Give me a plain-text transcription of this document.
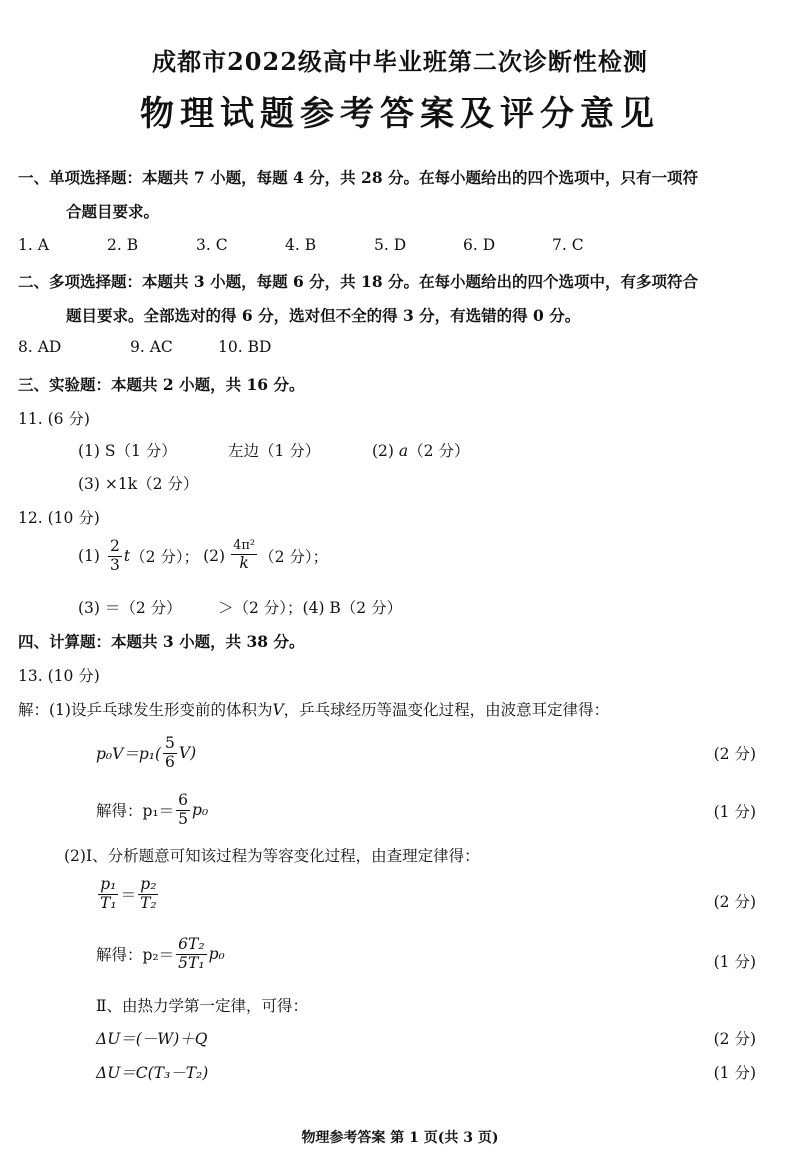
成都市2022级高中毕业班第二次诊断性检测
物理试题参考答案及评分意见
一、单项选择题：本题共 7 小题，每题 4 分，共 28 分。在每小题给出的四个选项中，只有一项符
合题目要求。
1. A	2. B	3. C	4. B	5. D	6. D	7. C
二、多项选择题：本题共 3 小题，每题 6 分，共 18 分。在每小题给出的四个选项中，有多项符合
题目要求。全部选对的得 6 分，选对但不全的得 3 分，有选错的得 0 分。
8. AD	9. AC	10. BD
三、实验题：本题共 2 小题，共 16 分。
11. (6 分)
(1) S（1 分）	左边（1 分）	(2) a（2 分）
(3) ×1k（2 分）
12. (10 分)
$(1) \frac{2}{3}$ t （2 分）； $(2) \frac{\text{4π²}}{k} (2$ 分）；
(3) ＝（2 分） ＞（2 分）；(4) B（2 分）
四、计算题：本题共 3 小题，共 38 分。
13. (10 分)
解：(1)设乒乓球发生形变前的体积为V，乒乓球经历等温变化过程，由波意耳定律得：
$p_0V=p_1( \frac{5}{6} V)$	(2 分)
解得：$p_1= \frac{6}{5} p_0$	(1 分)
(2)Ⅰ、分析题意可知该过程为等容变化过程，由查理定律得：
$\frac{\text{p₁}}{\text{T₁}} = \frac{\text{p₂}}{\text{T₂}}$	(2 分)
解得：$p_2= \frac{\text{6T₂}}{\text{5T₁}} p_0$	(1 分)
Ⅱ、由热力学第一定律，可得：
ΔU＝(－W)＋Q	(2 分)
ΔU＝C(T₃－T₂)	(1 分)
物理参考答案 第 1 页(共 3 页)
